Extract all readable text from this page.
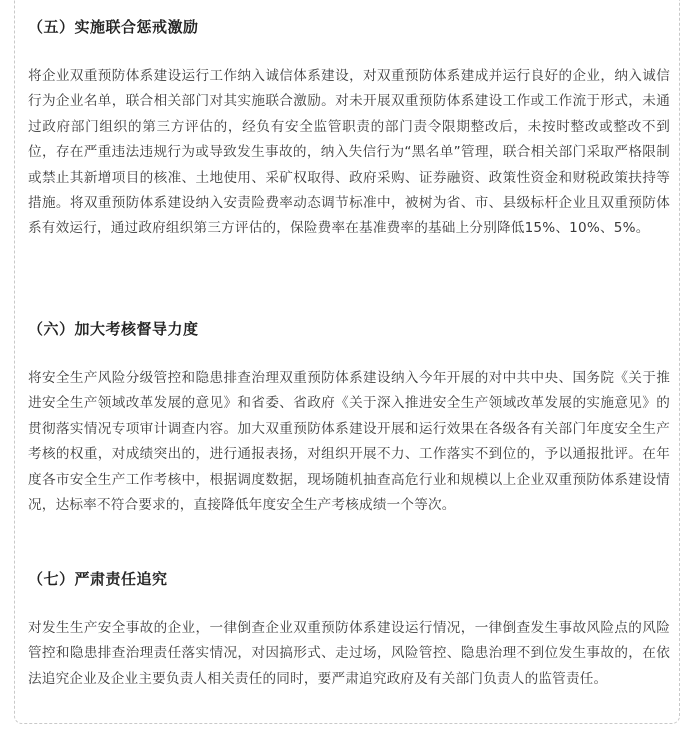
（五）实施联合惩戒激励

将企业双重预防体系建设运行工作纳入诚信体系建设，对双重预防体系建成并运行良好的企业，纳入诚信行为企业名单，联合相关部门对其实施联合激励。对未开展双重预防体系建设工作或工作流于形式，未通过政府部门组织的第三方评估的，经负有安全监管职责的部门责令限期整改后，未按时整改或整改不到位，存在严重违法违规行为或导致发生事故的，纳入失信行为“黑名单”管理，联合相关部门采取严格限制或禁止其新增项目的核准、土地使用、采矿权取得、政府采购、证券融资、政策性资金和财税政策扶持等措施。将双重预防体系建设纳入安责险费率动态调节标准中，被树为省、市、县级标杆企业且双重预防体系有效运行，通过政府组织第三方评估的，保险费率在基准费率的基础上分别降低15%、10%、5%。

（六）加大考核督导力度

将安全生产风险分级管控和隐患排查治理双重预防体系建设纳入今年开展的对中共中央、国务院《关于推进安全生产领域改革发展的意见》和省委、省政府《关于深入推进安全生产领域改革发展的实施意见》的贯彻落实情况专项审计调查内容。加大双重预防体系建设开展和运行效果在各级各有关部门年度安全生产考核的权重，对成绩突出的，进行通报表扬，对组织开展不力、工作落实不到位的，予以通报批评。在年度各市安全生产工作考核中，根据调度数据，现场随机抽查高危行业和规模以上企业双重预防体系建设情况，达标率不符合要求的，直接降低年度安全生产考核成绩一个等次。

（七）严肃责任追究

对发生生产安全事故的企业，一律倒查企业双重预防体系建设运行情况，一律倒查发生事故风险点的风险管控和隐患排查治理责任落实情况，对因搞形式、走过场，风险管控、隐患治理不到位发生事故的，在依法追究企业及企业主要负责人相关责任的同时，要严肃追究政府及有关部门负责人的监管责任。
